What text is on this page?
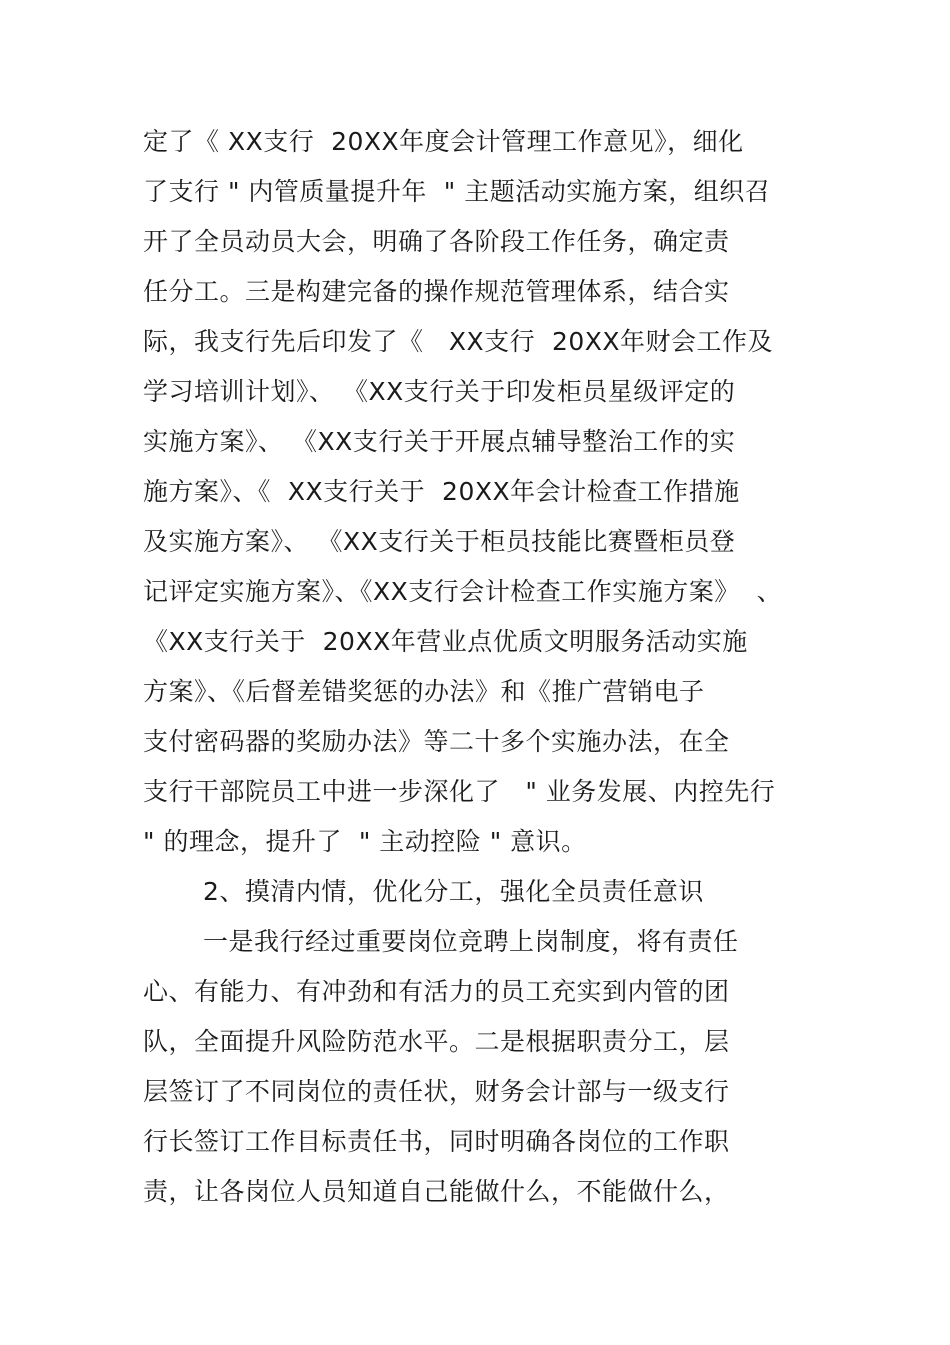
定了《 XX支行  20XX年度会计管理工作意见》，细化
了支行 " 内管质量提升年  " 主题活动实施方案，组织召
开了全员动员大会，明确了各阶段工作任务，确定责
任分工。三是构建完备的操作规范管理体系，结合实
际，我支行先后印发了《   XX支行  20XX年财会工作及
学习培训计划》、 《XX支行关于印发柜员星级评定的
实施方案》、 《XX支行关于开展点辅导整治工作的实
施方案》、《  XX支行关于  20XX年会计检查工作措施
及实施方案》、 《XX支行关于柜员技能比赛暨柜员登
记评定实施方案》、《XX支行会计检查工作实施方案》  、
《XX支行关于  20XX年营业点优质文明服务活动实施
方案》、《后督差错奖惩的办法》和《推广营销电子
支付密码器的奖励办法》等二十多个实施办法，在全
支行干部院员工中进一步深化了   " 业务发展、内控先行
" 的理念，提升了  " 主动控险 " 意识。
2、摸清内情，优化分工，强化全员责任意识
一是我行经过重要岗位竞聘上岗制度，将有责任
心、有能力、有冲劲和有活力的员工充实到内管的团
队，全面提升风险防范水平。二是根据职责分工，层
层签订了不同岗位的责任状，财务会计部与一级支行
行长签订工作目标责任书，同时明确各岗位的工作职
责，让各岗位人员知道自己能做什么，不能做什么，
